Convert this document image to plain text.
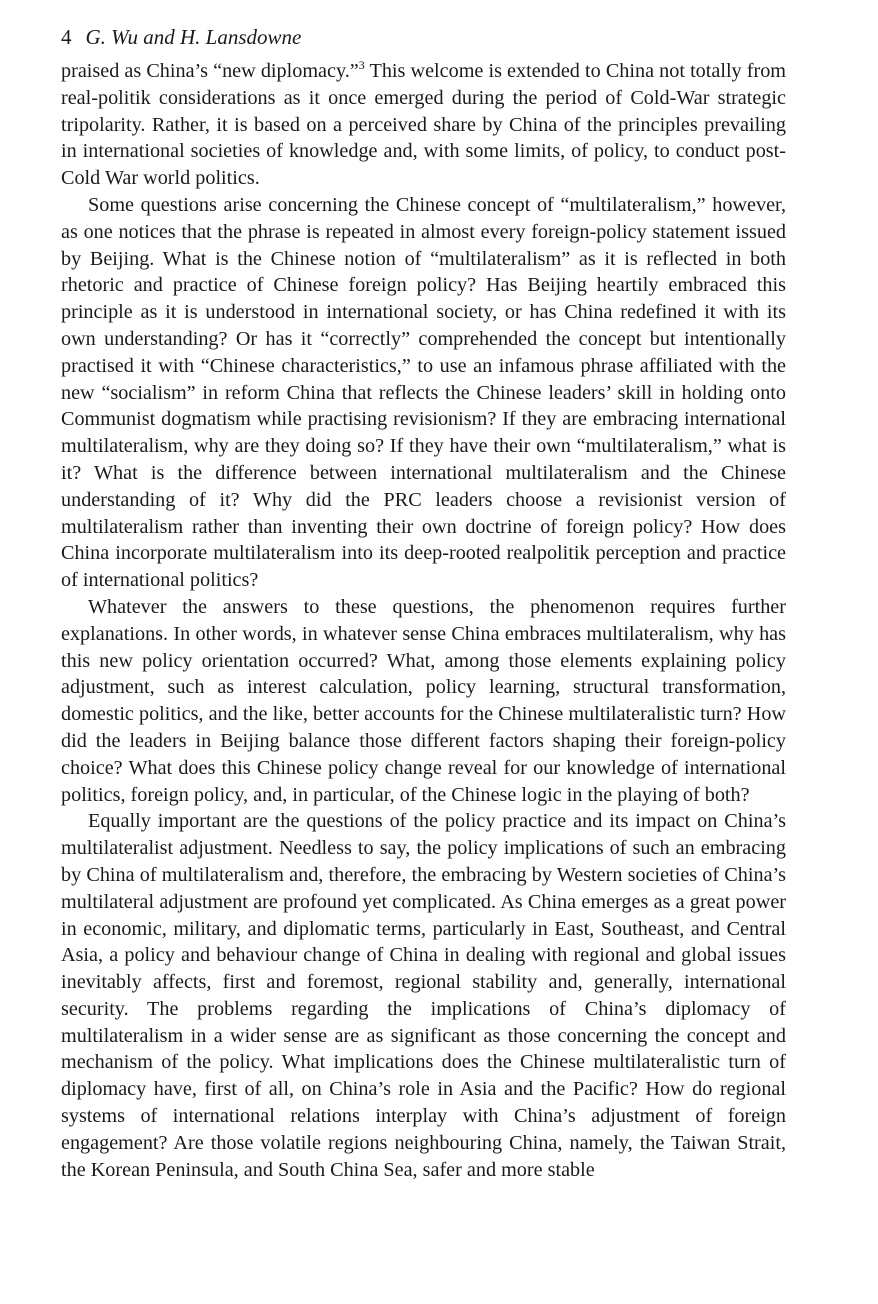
4 G. Wu and H. Lansdowne

praised as China’s “new diplomacy.”$^3$ This welcome is extended to China not totally from real-politik considerations as it once emerged during the period of Cold-War strategic tripolarity. Rather, it is based on a perceived share by China of the principles prevailing in international societies of knowledge and, with some limits, of policy, to conduct post-Cold War world politics.

Some questions arise concerning the Chinese concept of “multilateralism,” however, as one notices that the phrase is repeated in almost every foreign-policy statement issued by Beijing. What is the Chinese notion of “multilateralism” as it is reflected in both rhetoric and practice of Chinese foreign policy? Has Beijing heartily embraced this principle as it is understood in international society, or has China redefined it with its own understanding? Or has it “correctly” comprehended the concept but intentionally practised it with “Chinese characteristics,” to use an infamous phrase affiliated with the new “socialism” in reform China that reflects the Chinese leaders’ skill in holding onto Communist dogmatism while practising revisionism? If they are embracing international multilateralism, why are they doing so? If they have their own “multilateralism,” what is it? What is the difference between international multilateralism and the Chinese understanding of it? Why did the PRC leaders choose a revisionist version of multilateralism rather than inventing their own doctrine of foreign policy? How does China incorporate multilateralism into its deep-rooted realpolitik perception and practice of international politics?

Whatever the answers to these questions, the phenomenon requires further explanations. In other words, in whatever sense China embraces multilateralism, why has this new policy orientation occurred? What, among those elements explaining policy adjustment, such as interest calculation, policy learning, structural transformation, domestic politics, and the like, better accounts for the Chinese multilateralistic turn? How did the leaders in Beijing balance those different factors shaping their foreign-policy choice? What does this Chinese policy change reveal for our knowledge of international politics, foreign policy, and, in particular, of the Chinese logic in the playing of both?

Equally important are the questions of the policy practice and its impact on China’s multilateralist adjustment. Needless to say, the policy implications of such an embracing by China of multilateralism and, therefore, the embracing by Western societies of China’s multilateral adjustment are profound yet complicated. As China emerges as a great power in economic, military, and diplomatic terms, particularly in East, Southeast, and Central Asia, a policy and behaviour change of China in dealing with regional and global issues inevitably affects, first and foremost, regional stability and, generally, international security. The problems regarding the implications of China’s diplomacy of multilateralism in a wider sense are as significant as those concerning the concept and mechanism of the policy. What implications does the Chinese multilateralistic turn of diplomacy have, first of all, on China’s role in Asia and the Pacific? How do regional systems of international relations interplay with China’s adjustment of foreign engagement? Are those volatile regions neighbouring China, namely, the Taiwan Strait, the Korean Peninsula, and South China Sea, safer and more stable
